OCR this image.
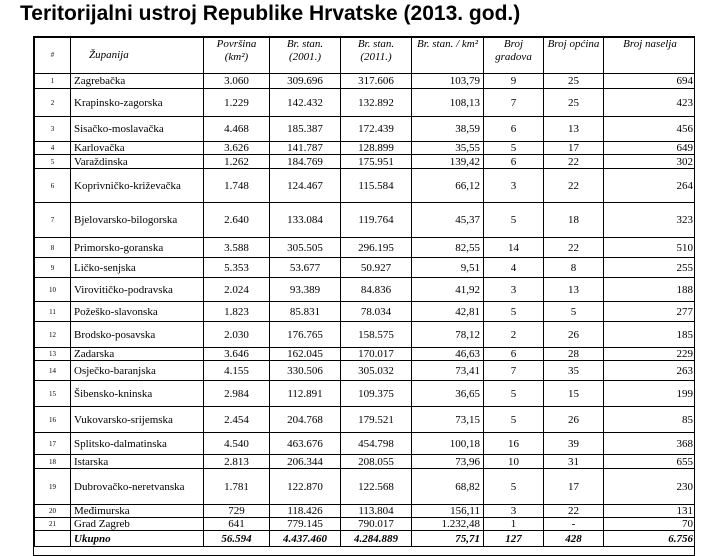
Teritorijalni ustroj Republike Hrvatske (2013. god.)
#	Županija	Površina (km²)	Br. stan. (2001.)	Br. stan. (2011.)	Br. stan. / km²	Broj gradova	Broj općina	Broj naselja
1	Zagrebačka	3.060	309.696	317.606	103,79	9	25	694
2	Krapinsko-zagorska	1.229	142.432	132.892	108,13	7	25	423
3	Sisačko-moslavačka	4.468	185.387	172.439	38,59	6	13	456
4	Karlovačka	3.626	141.787	128.899	35,55	5	17	649
5	Varaždinska	1.262	184.769	175.951	139,42	6	22	302
6	Koprivničko-križevačka	1.748	124.467	115.584	66,12	3	22	264
7	Bjelovarsko-bilogorska	2.640	133.084	119.764	45,37	5	18	323
8	Primorsko-goranska	3.588	305.505	296.195	82,55	14	22	510
9	Ličko-senjska	5.353	53.677	50.927	9,51	4	8	255
10	Virovitičko-podravska	2.024	93.389	84.836	41,92	3	13	188
11	Požeško-slavonska	1.823	85.831	78.034	42,81	5	5	277
12	Brodsko-posavska	2.030	176.765	158.575	78,12	2	26	185
13	Zadarska	3.646	162.045	170.017	46,63	6	28	229
14	Osječko-baranjska	4.155	330.506	305.032	73,41	7	35	263
15	Šibensko-kninska	2.984	112.891	109.375	36,65	5	15	199
16	Vukovarsko-srijemska	2.454	204.768	179.521	73,15	5	26	85
17	Splitsko-dalmatinska	4.540	463.676	454.798	100,18	16	39	368
18	Istarska	2.813	206.344	208.055	73,96	10	31	655
19	Dubrovačko-neretvanska	1.781	122.870	122.568	68,82	5	17	230
20	Međimurska	729	118.426	113.804	156,11	3	22	131
21	Grad Zagreb	641	779.145	790.017	1.232,48	1	-	70
	Ukupno	56.594	4.437.460	4.284.889	75,71	127	428	6.756
